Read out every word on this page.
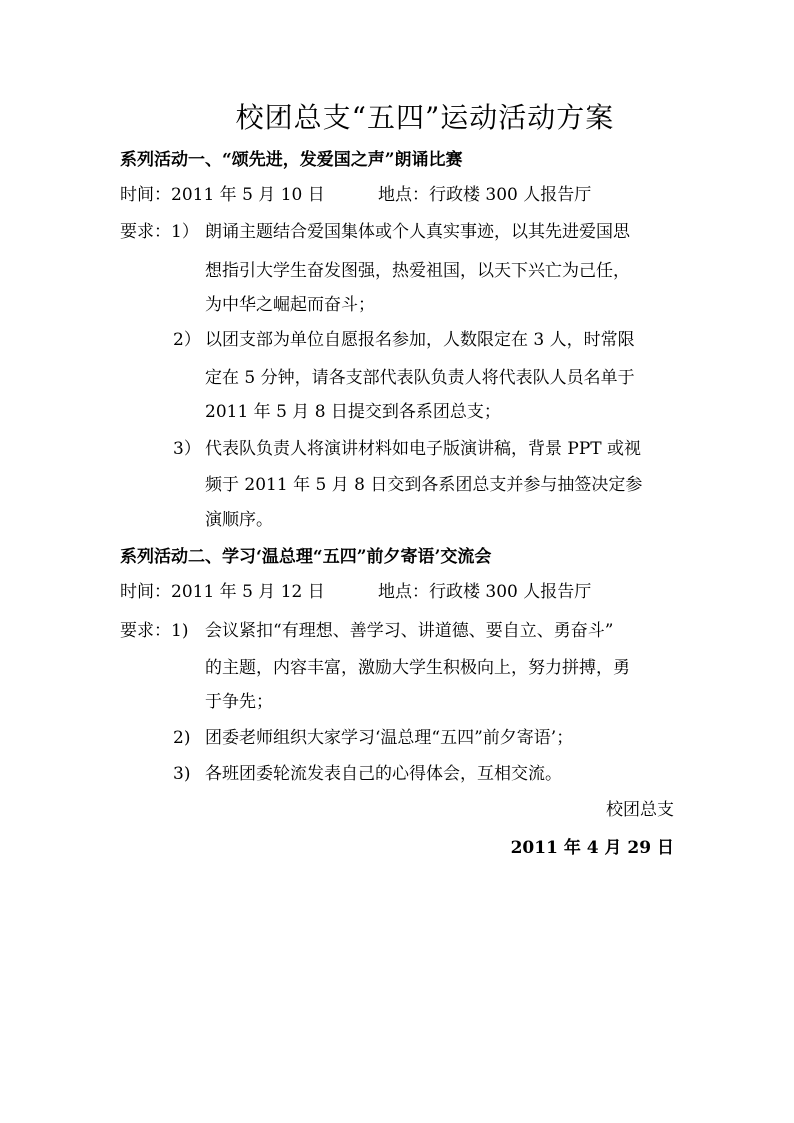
校团总支“五四”运动活动方案
系列活动一、“颂先进，发爱国之声”朗诵比赛
时间：2011 年 5 月 10 日	地点：行政楼 300 人报告厅
要求：1） 朗诵主题结合爱国集体或个人真实事迹，以其先进爱国思
想指引大学生奋发图强，热爱祖国，以天下兴亡为己任，
为中华之崛起而奋斗；
2） 以团支部为单位自愿报名参加，人数限定在 3 人，时常限
定在 5 分钟，请各支部代表队负责人将代表队人员名单于
2011 年 5 月 8 日提交到各系团总支；
3） 代表队负责人将演讲材料如电子版演讲稿，背景 PPT 或视
频于 2011 年 5 月 8 日交到各系团总支并参与抽签决定参
演顺序。
系列活动二、学习‘温总理“五四”前夕寄语’交流会
时间：2011 年 5 月 12 日	地点：行政楼 300 人报告厅
要求：1) 会议紧扣“有理想、善学习、讲道德、要自立、勇奋斗”
的主题，内容丰富，激励大学生积极向上，努力拼搏，勇
于争先；
2) 团委老师组织大家学习‘温总理“五四”前夕寄语’；
3) 各班团委轮流发表自己的心得体会，互相交流。
校团总支
2011 年 4 月 29 日
